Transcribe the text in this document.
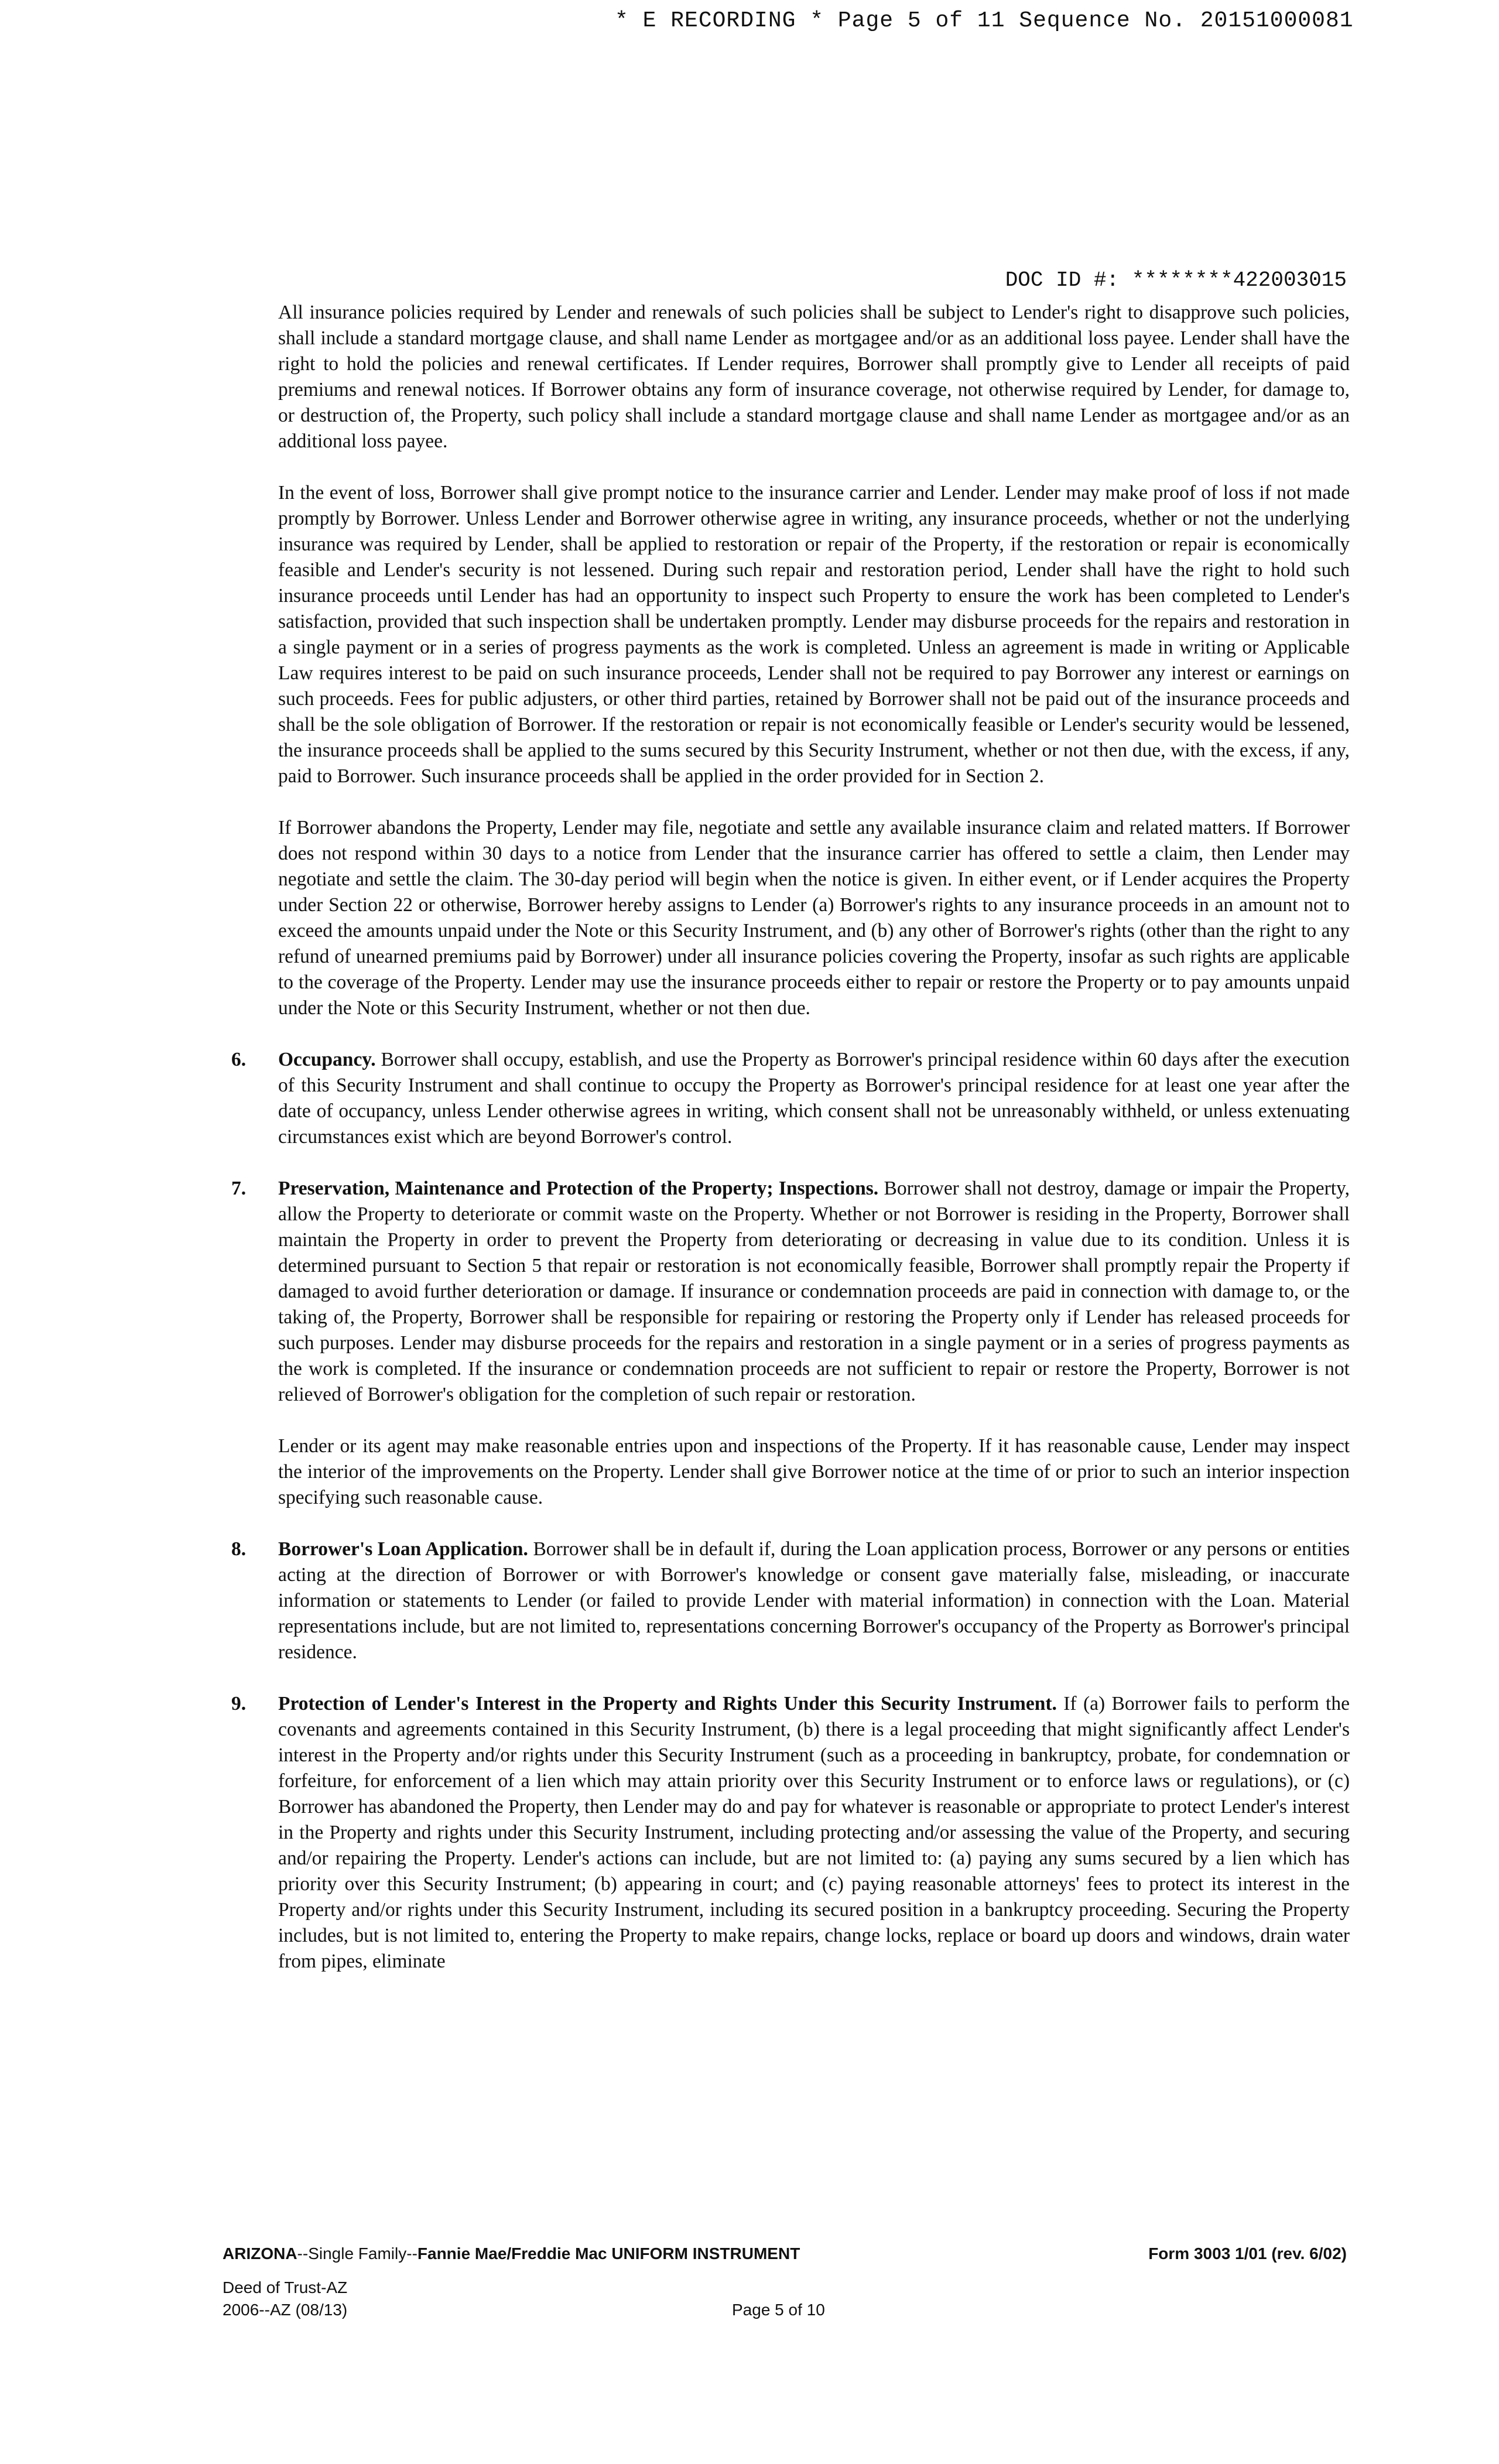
* E RECORDING * Page 5 of 11 Sequence No. 20151000081
DOC ID #: ********422003015

All insurance policies required by Lender and renewals of such policies shall be subject to Lender's right to disapprove such policies, shall include a standard mortgage clause, and shall name Lender as mortgagee and/or as an additional loss payee. Lender shall have the right to hold the policies and renewal certificates. If Lender requires, Borrower shall promptly give to Lender all receipts of paid premiums and renewal notices. If Borrower obtains any form of insurance coverage, not otherwise required by Lender, for damage to, or destruction of, the Property, such policy shall include a standard mortgage clause and shall name Lender as mortgagee and/or as an additional loss payee.

In the event of loss, Borrower shall give prompt notice to the insurance carrier and Lender. Lender may make proof of loss if not made promptly by Borrower. Unless Lender and Borrower otherwise agree in writing, any insurance proceeds, whether or not the underlying insurance was required by Lender, shall be applied to restoration or repair of the Property, if the restoration or repair is economically feasible and Lender's security is not lessened. During such repair and restoration period, Lender shall have the right to hold such insurance proceeds until Lender has had an opportunity to inspect such Property to ensure the work has been completed to Lender's satisfaction, provided that such inspection shall be undertaken promptly. Lender may disburse proceeds for the repairs and restoration in a single payment or in a series of progress payments as the work is completed. Unless an agreement is made in writing or Applicable Law requires interest to be paid on such insurance proceeds, Lender shall not be required to pay Borrower any interest or earnings on such proceeds. Fees for public adjusters, or other third parties, retained by Borrower shall not be paid out of the insurance proceeds and shall be the sole obligation of Borrower. If the restoration or repair is not economically feasible or Lender's security would be lessened, the insurance proceeds shall be applied to the sums secured by this Security Instrument, whether or not then due, with the excess, if any, paid to Borrower. Such insurance proceeds shall be applied in the order provided for in Section 2.

If Borrower abandons the Property, Lender may file, negotiate and settle any available insurance claim and related matters. If Borrower does not respond within 30 days to a notice from Lender that the insurance carrier has offered to settle a claim, then Lender may negotiate and settle the claim. The 30-day period will begin when the notice is given. In either event, or if Lender acquires the Property under Section 22 or otherwise, Borrower hereby assigns to Lender (a) Borrower's rights to any insurance proceeds in an amount not to exceed the amounts unpaid under the Note or this Security Instrument, and (b) any other of Borrower's rights (other than the right to any refund of unearned premiums paid by Borrower) under all insurance policies covering the Property, insofar as such rights are applicable to the coverage of the Property. Lender may use the insurance proceeds either to repair or restore the Property or to pay amounts unpaid under the Note or this Security Instrument, whether or not then due.

6. Occupancy. Borrower shall occupy, establish, and use the Property as Borrower's principal residence within 60 days after the execution of this Security Instrument and shall continue to occupy the Property as Borrower's principal residence for at least one year after the date of occupancy, unless Lender otherwise agrees in writing, which consent shall not be unreasonably withheld, or unless extenuating circumstances exist which are beyond Borrower's control.
7. Preservation, Maintenance and Protection of the Property; Inspections. Borrower shall not destroy, damage or impair the Property, allow the Property to deteriorate or commit waste on the Property. Whether or not Borrower is residing in the Property, Borrower shall maintain the Property in order to prevent the Property from deteriorating or decreasing in value due to its condition. Unless it is determined pursuant to Section 5 that repair or restoration is not economically feasible, Borrower shall promptly repair the Property if damaged to avoid further deterioration or damage. If insurance or condemnation proceeds are paid in connection with damage to, or the taking of, the Property, Borrower shall be responsible for repairing or restoring the Property only if Lender has released proceeds for such purposes. Lender may disburse proceeds for the repairs and restoration in a single payment or in a series of progress payments as the work is completed. If the insurance or condemnation proceeds are not sufficient to repair or restore the Property, Borrower is not relieved of Borrower's obligation for the completion of such repair or restoration.

Lender or its agent may make reasonable entries upon and inspections of the Property. If it has reasonable cause, Lender may inspect the interior of the improvements on the Property. Lender shall give Borrower notice at the time of or prior to such an interior inspection specifying such reasonable cause.

8. Borrower's Loan Application. Borrower shall be in default if, during the Loan application process, Borrower or any persons or entities acting at the direction of Borrower or with Borrower's knowledge or consent gave materially false, misleading, or inaccurate information or statements to Lender (or failed to provide Lender with material information) in connection with the Loan. Material representations include, but are not limited to, representations concerning Borrower's occupancy of the Property as Borrower's principal residence.
9. Protection of Lender's Interest in the Property and Rights Under this Security Instrument. If (a) Borrower fails to perform the covenants and agreements contained in this Security Instrument, (b) there is a legal proceeding that might significantly affect Lender's interest in the Property and/or rights under this Security Instrument (such as a proceeding in bankruptcy, probate, for condemnation or forfeiture, for enforcement of a lien which may attain priority over this Security Instrument or to enforce laws or regulations), or (c) Borrower has abandoned the Property, then Lender may do and pay for whatever is reasonable or appropriate to protect Lender's interest in the Property and rights under this Security Instrument, including protecting and/or assessing the value of the Property, and securing and/or repairing the Property. Lender's actions can include, but are not limited to: (a) paying any sums secured by a lien which has priority over this Security Instrument; (b) appearing in court; and (c) paying reasonable attorneys' fees to protect its interest in the Property and/or rights under this Security Instrument, including its secured position in a bankruptcy proceeding. Securing the Property includes, but is not limited to, entering the Property to make repairs, change locks, replace or board up doors and windows, drain water from pipes, eliminate
ARIZONA--Single Family--Fannie Mae/Freddie Mac UNIFORM INSTRUMENT	Form 3003 1/01 (rev. 6/02)
Deed of Trust-AZ
2006--AZ (08/13)	Page 5 of 10
